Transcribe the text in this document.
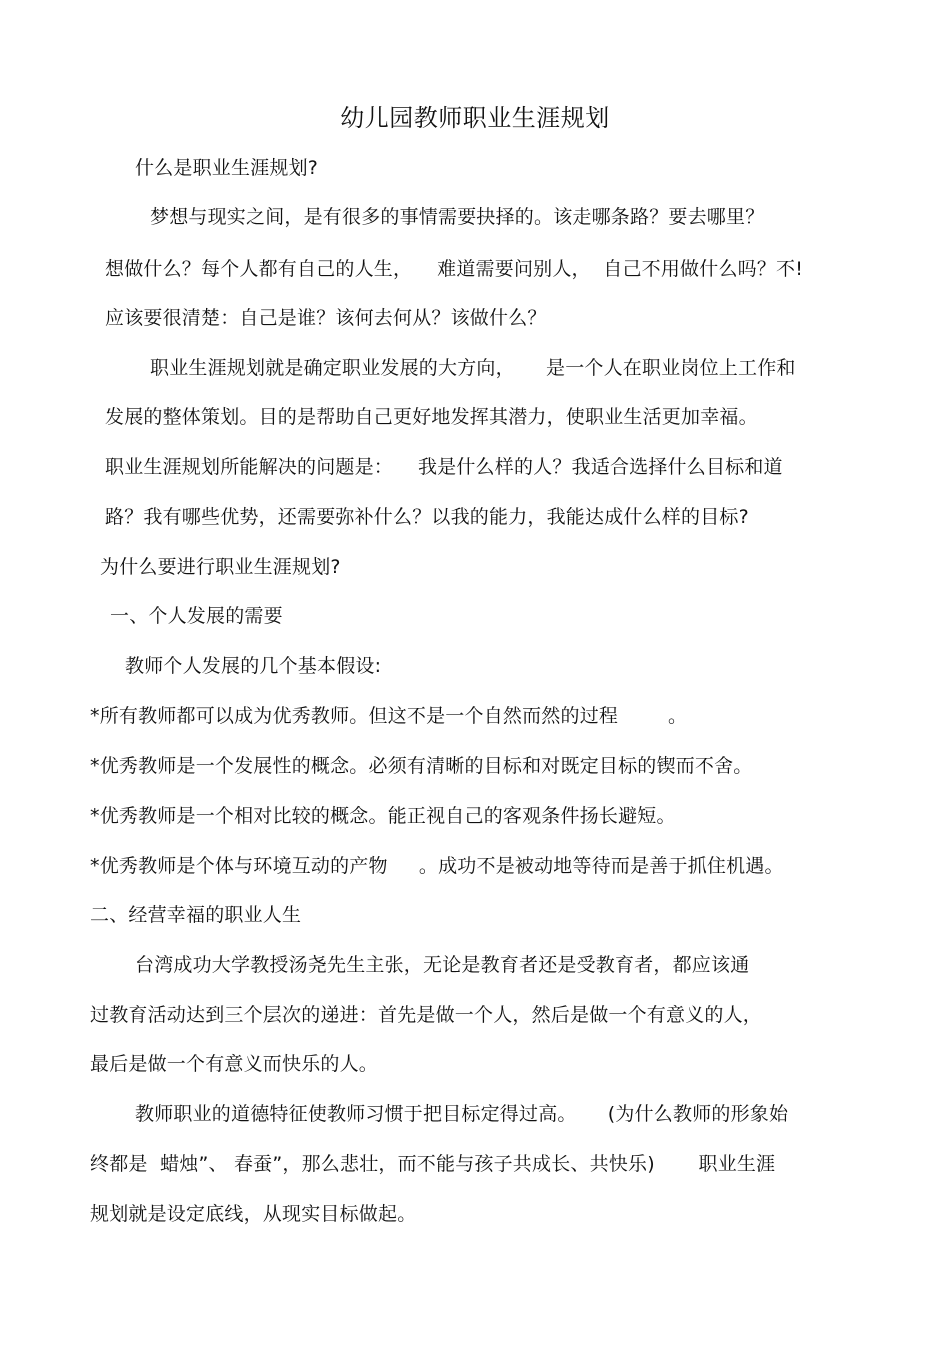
幼儿园教师职业生涯规划
什么是职业生涯规划?
梦想与现实之间，是有很多的事情需要抉择的。该走哪条路？要去哪里？
想做什么？每个人都有自己的人生，    难道需要问别人，  自己不用做什么吗？不!
应该要很清楚：自己是谁？该何去何从？该做什么？
职业生涯规划就是确定职业发展的大方向，     是一个人在职业岗位上工作和
发展的整体策划。目的是帮助自己更好地发挥其潜力，使职业生活更加幸福。
职业生涯规划所能解决的问题是：    我是什么样的人？我适合选择什么目标和道
路？我有哪些优势，还需要弥补什么？以我的能力，我能达成什么样的目标?
为什么要进行职业生涯规划?
一、个人发展的需要
教师个人发展的几个基本假设:
*所有教师都可以成为优秀教师。但这不是一个自然而然的过程        。
*优秀教师是一个发展性的概念。必须有清晰的目标和对既定目标的锲而不舍。
*优秀教师是一个相对比较的概念。能正视自己的客观条件扬长避短。
*优秀教师是个体与环境互动的产物     。成功不是被动地等待而是善于抓住机遇。
二、经营幸福的职业人生
台湾成功大学教授汤尧先生主张，无论是教育者还是受教育者，都应该通
过教育活动达到三个层次的递进：首先是做一个人，然后是做一个有意义的人，
最后是做一个有意义而快乐的人。
教师职业的道德特征使教师习惯于把目标定得过高。     (为什么教师的形象始
终都是  蜡烛”、 春蚕”，那么悲壮，而不能与孩子共成长、共快乐)       职业生涯
规划就是设定底线，从现实目标做起。
